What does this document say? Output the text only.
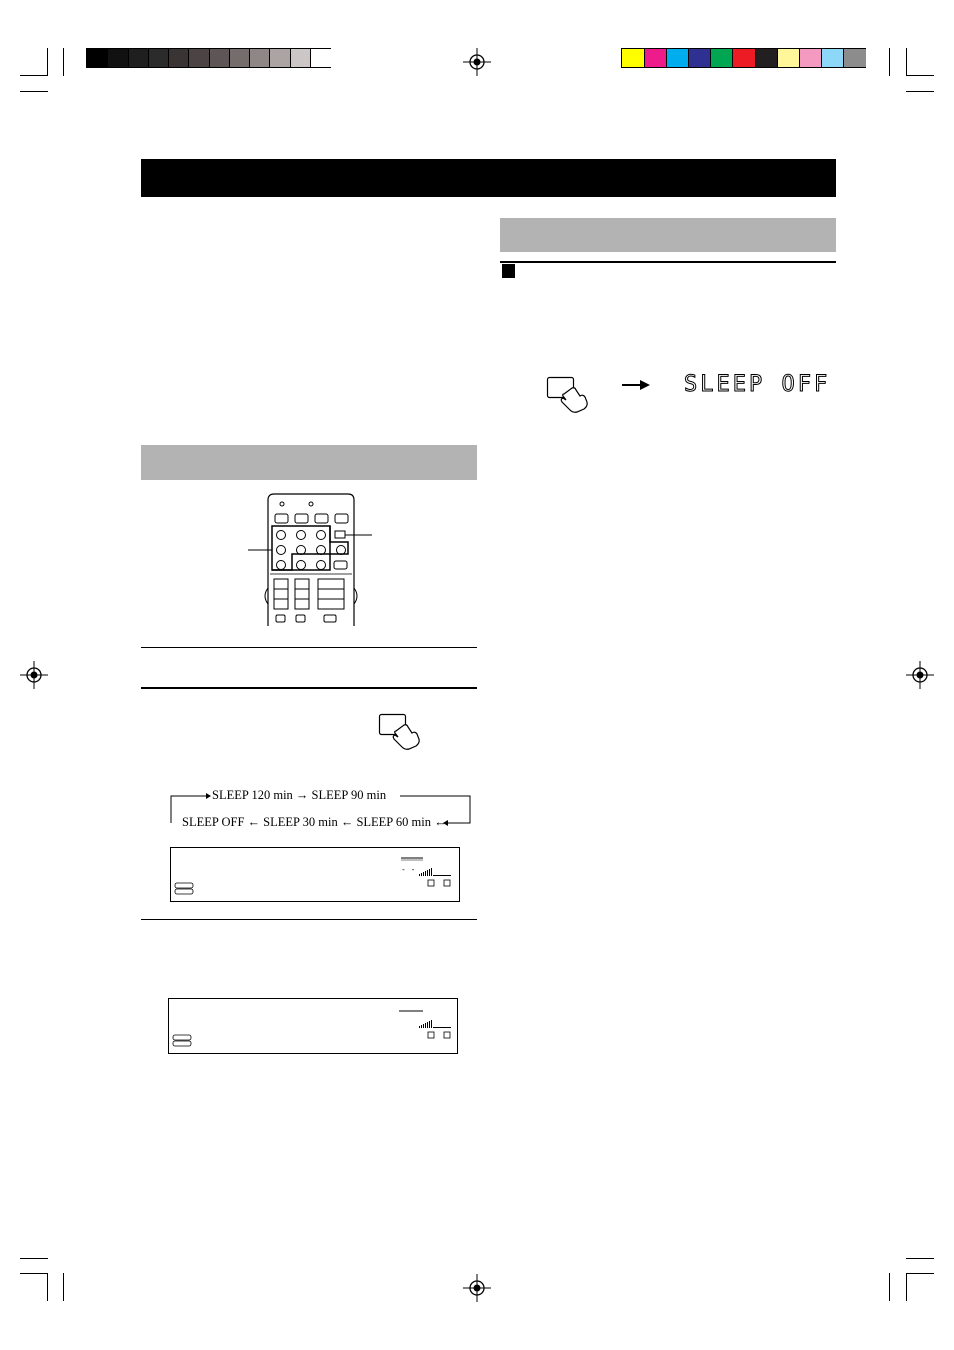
SLEEP OFF
SLEEP 120 min → SLEEP 90 min
SLEEP OFF ← SLEEP 30 min ← SLEEP 60 min ←
- -
